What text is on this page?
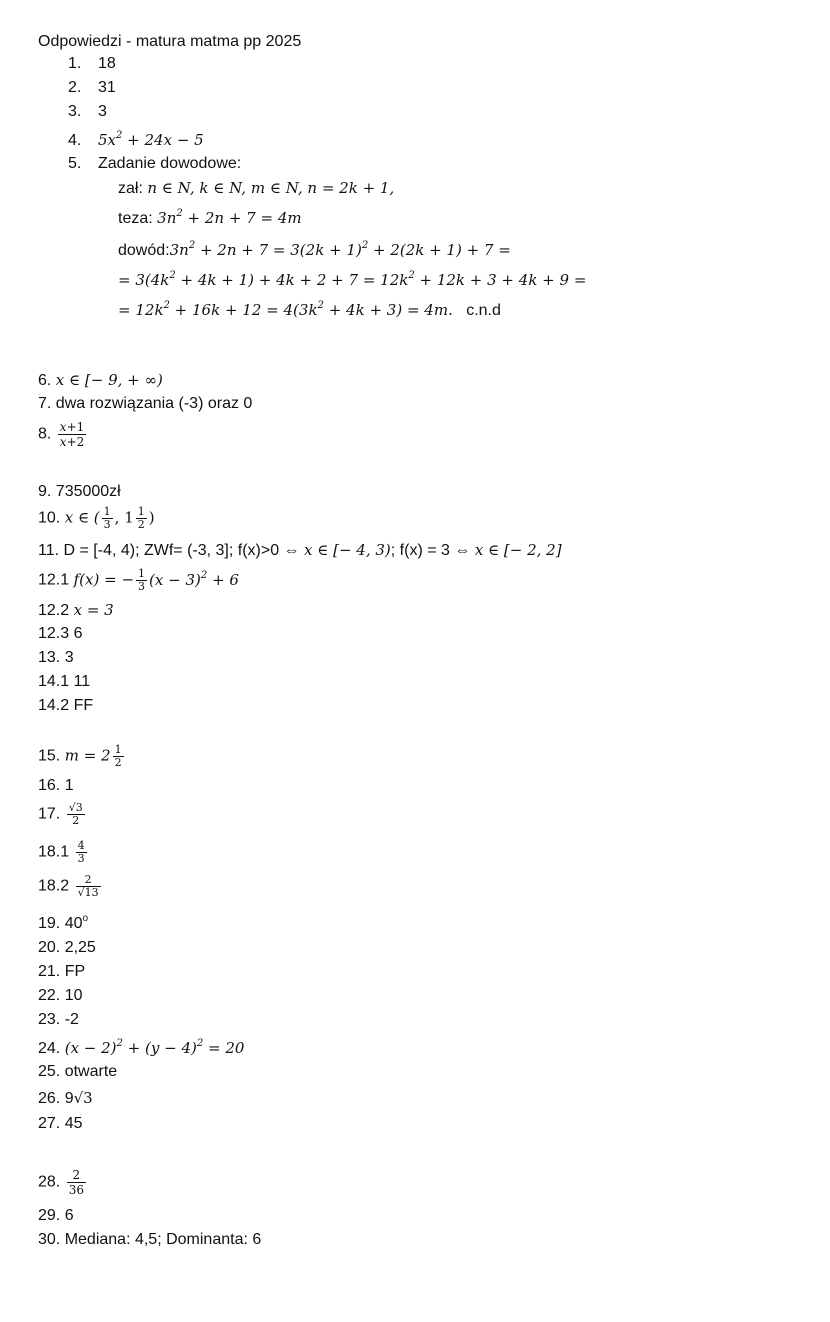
Odpowiedzi - matura matma pp 2025
1. 18
2. 31
3. 3
4. $5x^2 + 24x - 5$
5. Zadanie dowodowe:
zał: n ∈ N, k ∈ N, m ∈ N, n = 2k + 1,
teza: $3n^2 + 2n + 7 = 4m$
$dowód:3n^2 + 2n + 7 = 3(2k + 1)^2 + 2(2k + 1) + 7$ =
= $3(4k^2 + 4k + 1) + 4k + 2 + 7 = 12k^2 + 12k + 3 + 4k + 9$ =
= $12k^2 + 16k + 12 = 4(3k^2 + 4k + 3) = 4m$. c.n.d
6. x ∈ [− 9, + ∞)
7. dwa rozwiązania (-3) oraz 0
8. $\frac{x+1}{x+2}$
9. 735000zł
10. x ∈ ( $\frac{1}{3}$ , $1 \frac{1}{2}$ )
11. D = [-4, 4); ZWf= (-3, 3]; f(x)>0 ⇔ x ∈ [− 4, 3); f(x) = 3 ⇔ x ∈ [− 2, 2]
12.1 f(x) = − $\frac{1}{3} (x - 3)^2 + 6$
12.2 x = 3
12.3 6
13. 3
14.1 11
14.2 FF
15. $m = 2 \frac{1}{2}$
16. 1
17. $\frac{√3}{2}$
$18.1 \frac{4}{3}$
$18.2 \frac{2}{√13}$
19. 40$^o$
20. 2,25
21. FP
22. 10
23. -2
24. $(x - 2)^2 + (y - 4)^2 = 20$
25. otwarte
26. 9√3
27. 45
28. $\frac{2}{36}$
29. 6
30. Mediana: 4,5; Dominanta: 6
